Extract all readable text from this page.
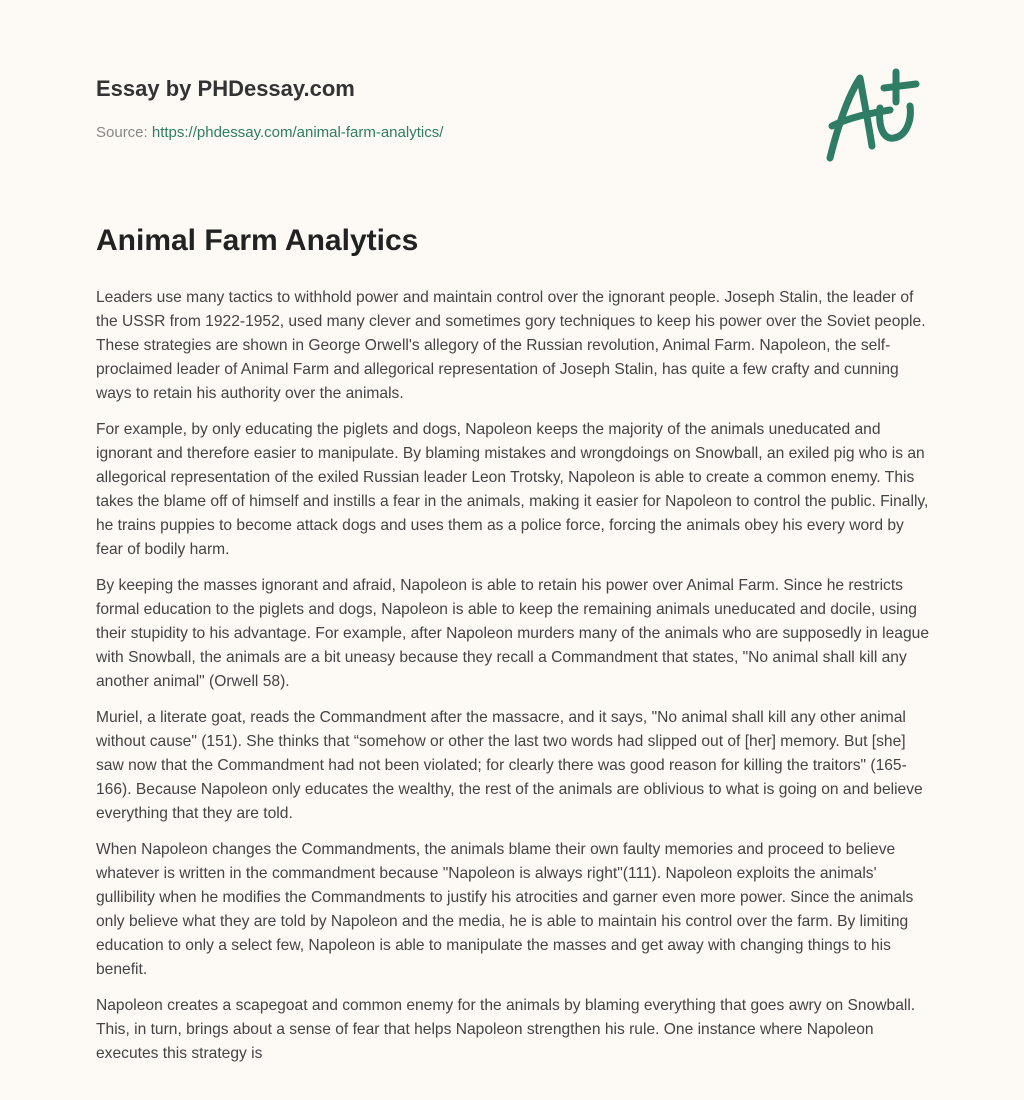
Essay by PHDessay.com
Source: https://phdessay.com/animal-farm-analytics/
Animal Farm Analytics

Leaders use many tactics to withhold power and maintain control over the ignorant people. Joseph Stalin, the leader of the USSR from 1922-1952, used many clever and sometimes gory techniques to keep his power over the Soviet people. These strategies are shown in George Orwell's allegory of the Russian revolution, Animal Farm. Napoleon, the self-proclaimed leader of Animal Farm and allegorical representation of Joseph Stalin, has quite a few crafty and cunning ways to retain his authority over the animals.

For example, by only educating the piglets and dogs, Napoleon keeps the majority of the animals uneducated and ignorant and therefore easier to manipulate. By blaming mistakes and wrongdoings on Snowball, an exiled pig who is an allegorical representation of the exiled Russian leader Leon Trotsky, Napoleon is able to create a common enemy. This takes the blame off of himself and instills a fear in the animals, making it easier for Napoleon to control the public. Finally, he trains puppies to become attack dogs and uses them as a police force, forcing the animals obey his every word by fear of bodily harm.

By keeping the masses ignorant and afraid, Napoleon is able to retain his power over Animal Farm. Since he restricts formal education to the piglets and dogs, Napoleon is able to keep the remaining animals uneducated and docile, using their stupidity to his advantage. For example, after Napoleon murders many of the animals who are supposedly in league with Snowball, the animals are a bit uneasy because they recall a Commandment that states, "No animal shall kill any another animal" (Orwell 58).

Muriel, a literate goat, reads the Commandment after the massacre, and it says, "No animal shall kill any other animal without cause" (151). She thinks that “somehow or other the last two words had slipped out of [her] memory. But [she] saw now that the Commandment had not been violated; for clearly there was good reason for killing the traitors" (165-166). Because Napoleon only educates the wealthy, the rest of the animals are oblivious to what is going on and believe everything that they are told.

When Napoleon changes the Commandments, the animals blame their own faulty memories and proceed to believe whatever is written in the commandment because "Napoleon is always right"(111). Napoleon exploits the animals' gullibility when he modifies the Commandments to justify his atrocities and garner even more power. Since the animals only believe what they are told by Napoleon and the media, he is able to maintain his control over the farm. By limiting education to only a select few, Napoleon is able to manipulate the masses and get away with changing things to his benefit.

Napoleon creates a scapegoat and common enemy for the animals by blaming everything that goes awry on Snowball. This, in turn, brings about a sense of fear that helps Napoleon strengthen his rule. One instance where Napoleon executes this strategy is
